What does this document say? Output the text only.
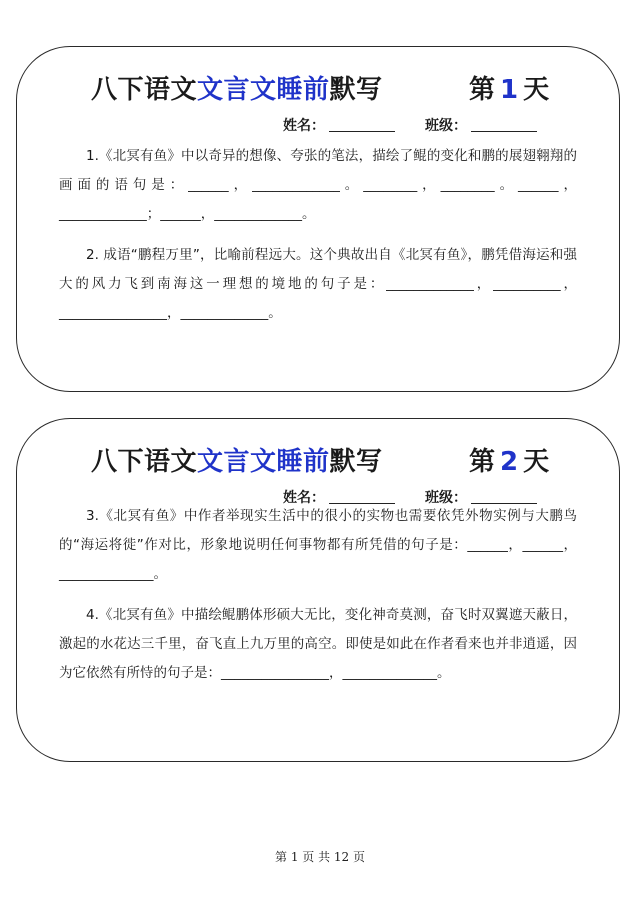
八下语文文言文睡前默写	第 1 天
姓名：	班级：
1.《北冥有鱼》中以奇异的想像、夸张的笔法，描绘了鲲的变化和鹏的展翅翱翔的画面的语句是：______，_____________。________，________。______，_____________；______，_____________。
2. 成语“鹏程万里”，比喻前程远大。这个典故出自《北冥有鱼》，鹏凭借海运和强大的风力飞到南海这一理想的境地的句子是：_____________，__________，________________，_____________。
八下语文文言文睡前默写	第 2 天
姓名：	班级：
3.《北冥有鱼》中作者举现实生活中的很小的实物也需要依凭外物实例与大鹏鸟的“海运将徙”作对比，形象地说明任何事物都有所凭借的句子是：______，______，______________。
4.《北冥有鱼》中描绘鲲鹏体形硕大无比，变化神奇莫测，奋飞时双翼遮天蔽日，激起的水花达三千里，奋飞直上九万里的高空。即使是如此在作者看来也并非逍遥，因为它依然有所恃的句子是：________________，______________。
第 1 页 共 12 页
